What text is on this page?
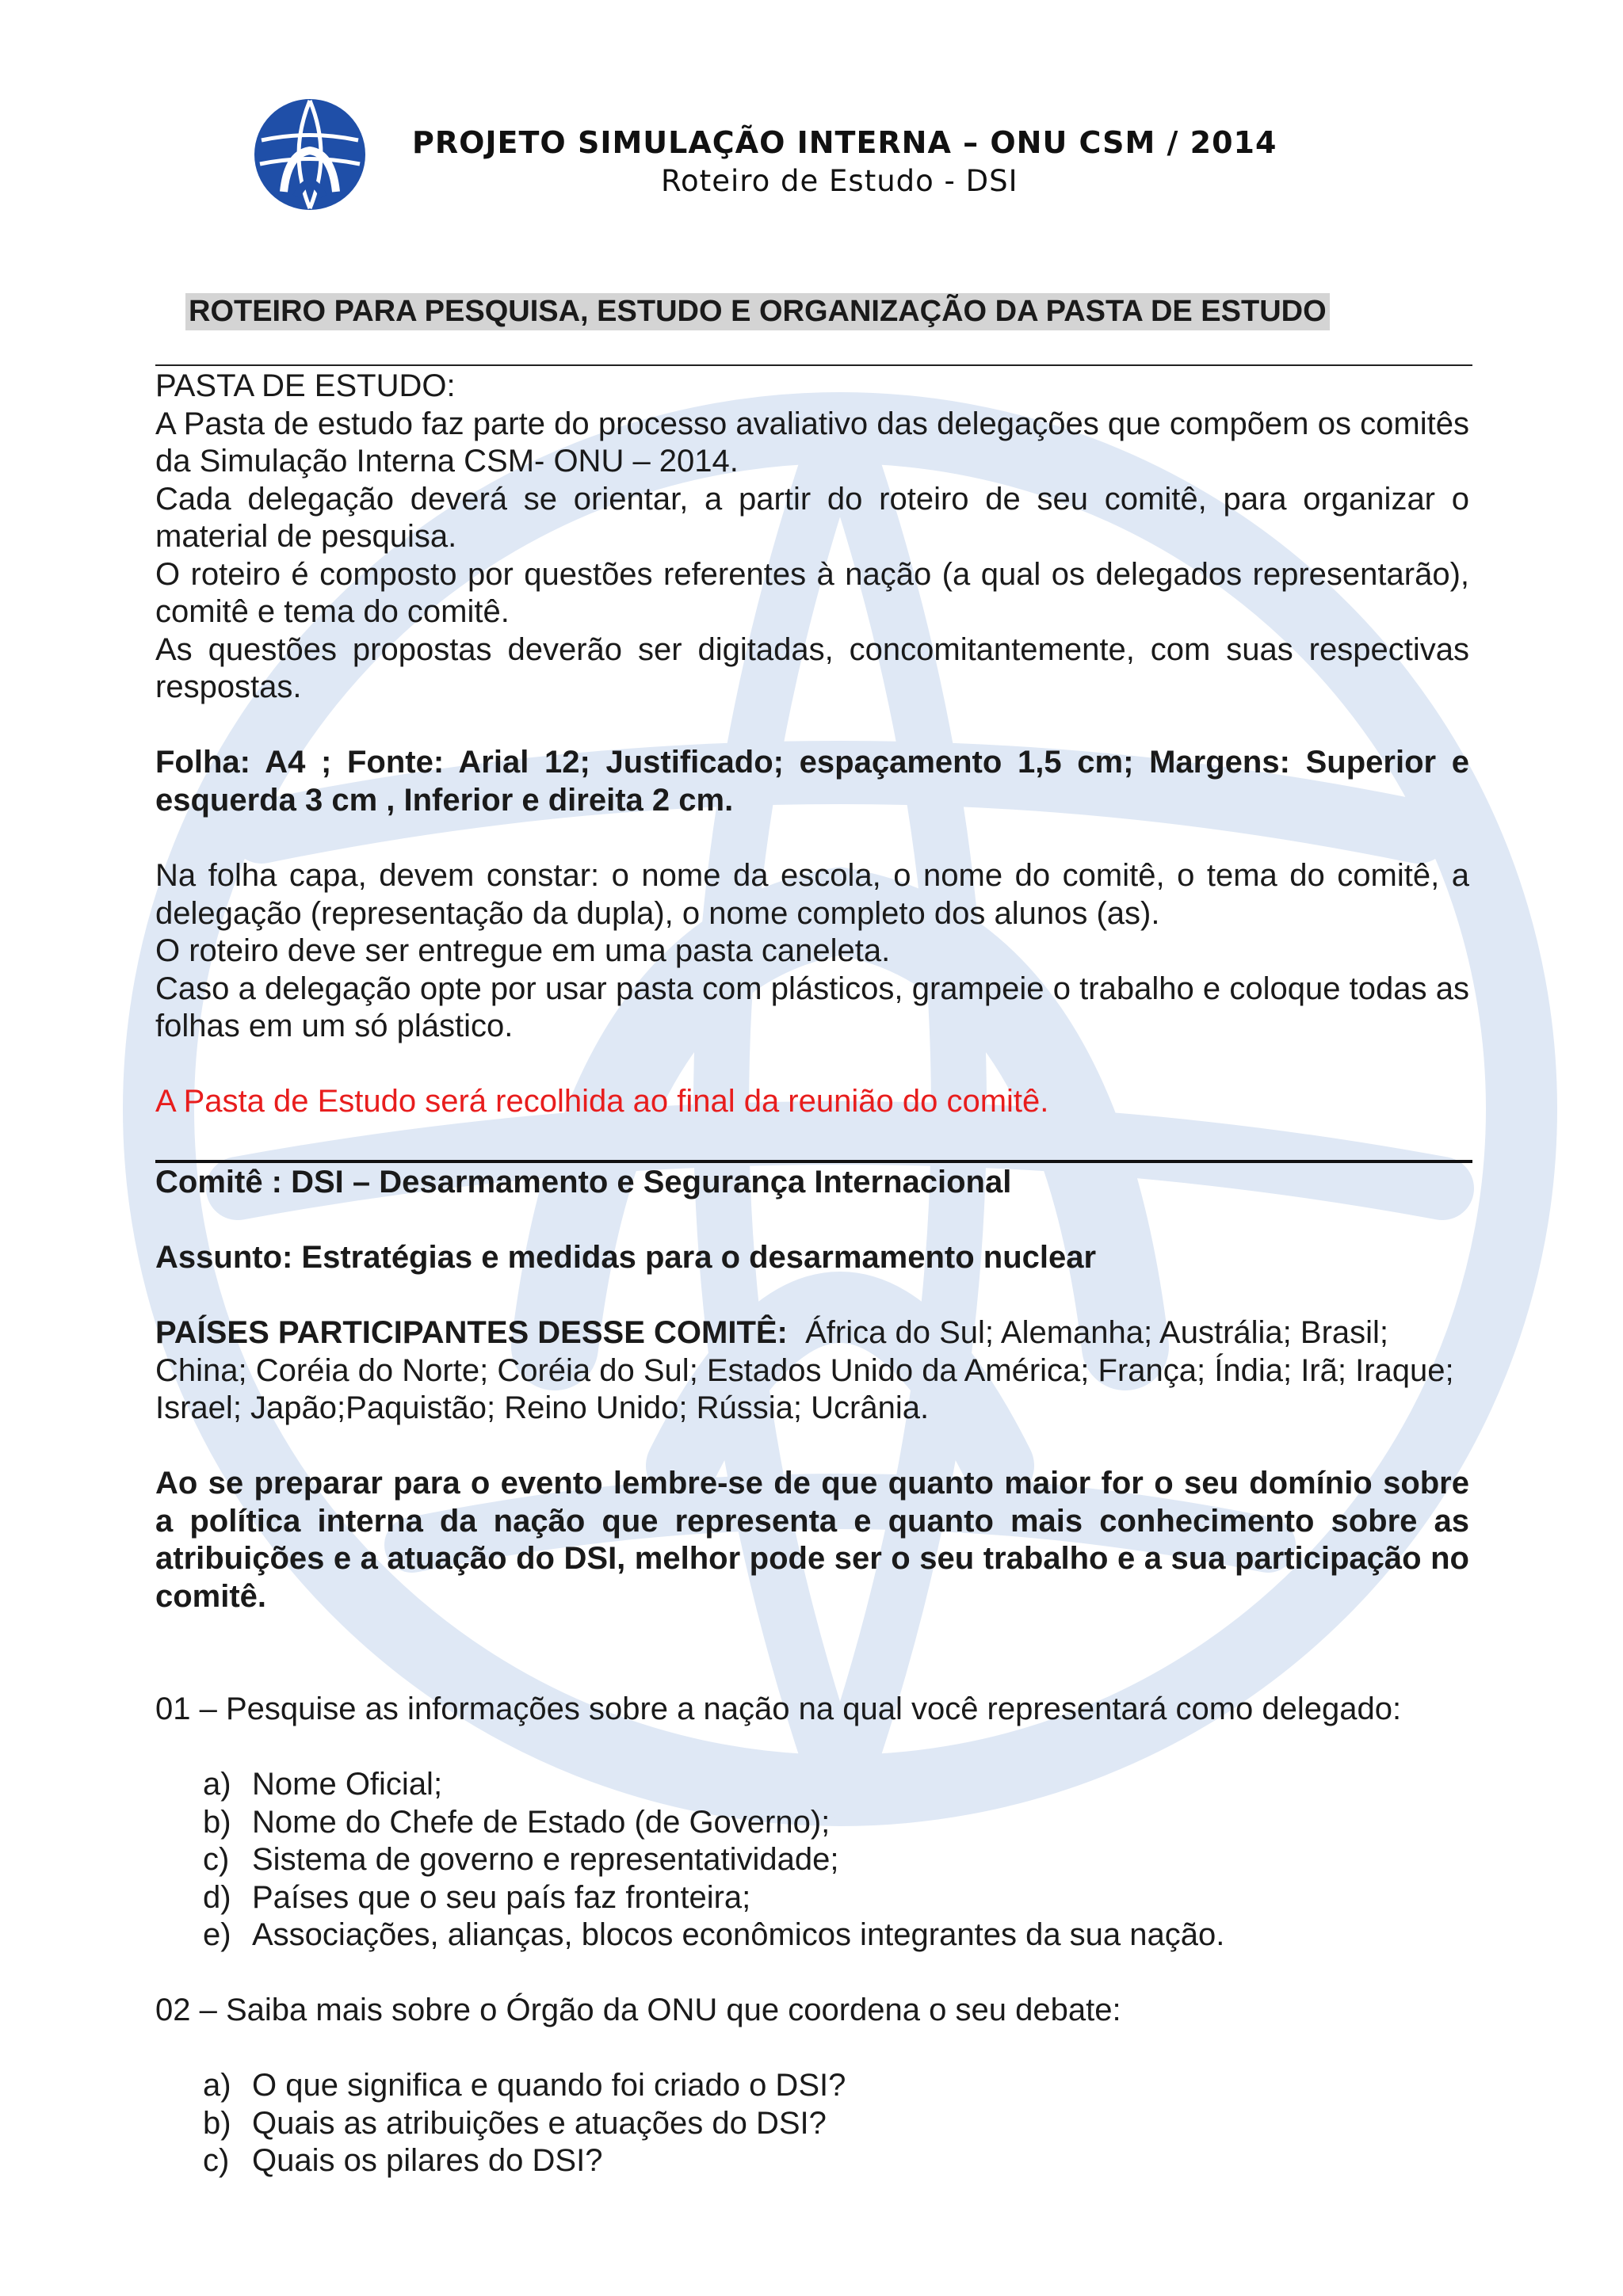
PROJETO SIMULAÇÃO INTERNA – ONU CSM / 2014
Roteiro de Estudo - DSI
ROTEIRO PARA PESQUISA, ESTUDO E ORGANIZAÇÃO DA PASTA DE ESTUDO

PASTA DE ESTUDO:

A Pasta de estudo faz parte do processo avaliativo das delegações que compõem os comitês da Simulação Interna CSM- ONU – 2014.

Cada delegação deverá se orientar, a partir do roteiro de seu comitê, para organizar o material de pesquisa.

O roteiro é composto por questões referentes à nação (a qual os delegados representarão), comitê e tema do comitê.

As questões propostas deverão ser digitadas, concomitantemente, com suas respectivas respostas.

Folha: A4 ; Fonte: Arial 12; Justificado; espaçamento 1,5 cm; Margens: Superior e esquerda 3 cm , Inferior e direita 2 cm.

Na folha capa, devem constar: o nome da escola, o nome do comitê, o tema do comitê, a delegação (representação da dupla), o nome completo dos alunos (as).

O roteiro deve ser entregue em uma pasta caneleta.

Caso a delegação opte por usar pasta com plásticos, grampeie o trabalho e coloque todas as folhas em um só plástico.

A Pasta de Estudo será recolhida ao final da reunião do comitê.

Comitê : DSI – Desarmamento e Segurança Internacional

Assunto: Estratégias e medidas para o desarmamento nuclear

PAÍSES PARTICIPANTES DESSE COMITÊ: África do Sul; Alemanha; Austrália; Brasil; China; Coréia do Norte; Coréia do Sul; Estados Unido da América; França; Índia; Irã; Iraque; Israel; Japão;Paquistão; Reino Unido; Rússia; Ucrânia.

Ao se preparar para o evento lembre-se de que quanto maior for o seu domínio sobre a política interna da nação que representa e quanto mais conhecimento sobre as atribuições e a atuação do DSI, melhor pode ser o seu trabalho e a sua participação no comitê.

01 – Pesquise as informações sobre a nação na qual você representará como delegado:

a) Nome Oficial;
b) Nome do Chefe de Estado (de Governo);
c) Sistema de governo e representatividade;
d) Países que o seu país faz fronteira;
e) Associações, alianças, blocos econômicos integrantes da sua nação.

02 – Saiba mais sobre o Órgão da ONU que coordena o seu debate:

a) O que significa e quando foi criado o DSI?
b) Quais as atribuições e atuações do DSI?
c) Quais os pilares do DSI?
